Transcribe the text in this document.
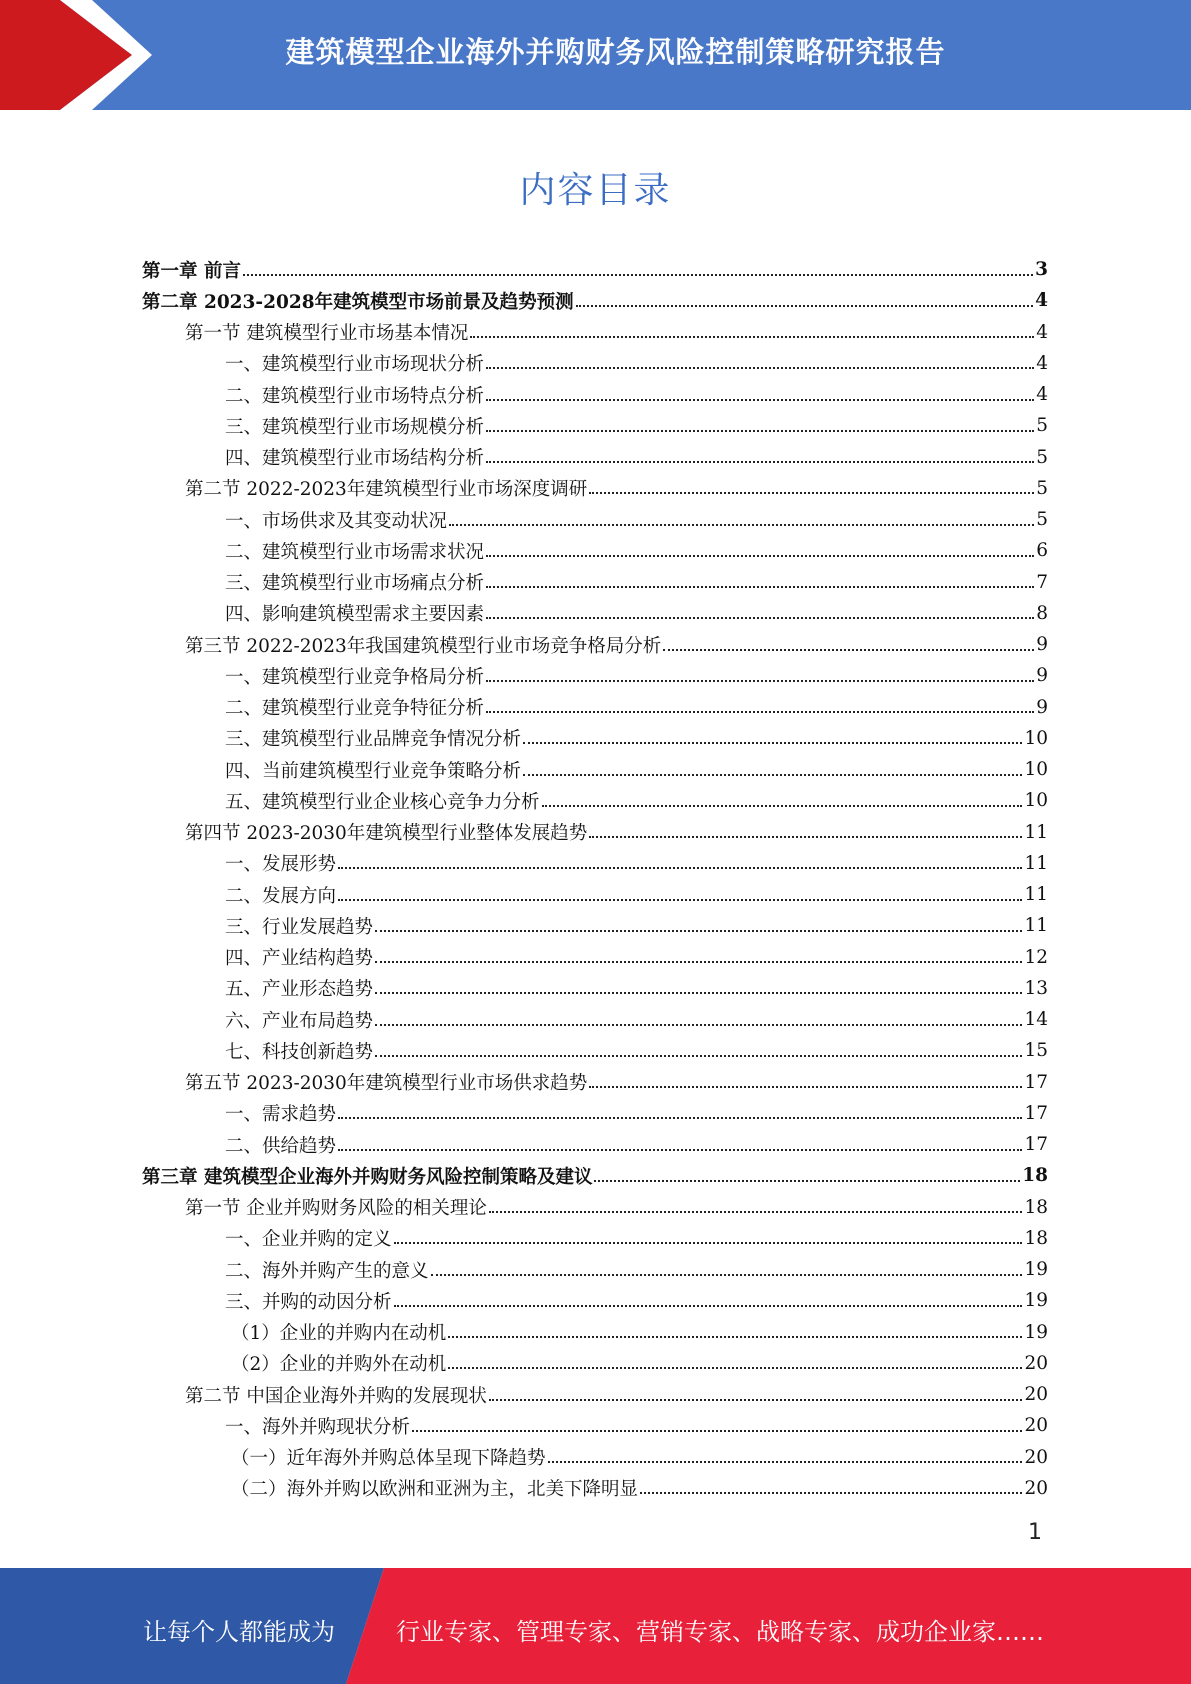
建筑模型企业海外并购财务风险控制策略研究报告
内容目录
第一章 前言	3
第二章 2023-2028年建筑模型市场前景及趋势预测	4
第一节 建筑模型行业市场基本情况	4
一、建筑模型行业市场现状分析	4
二、建筑模型行业市场特点分析	4
三、建筑模型行业市场规模分析	5
四、建筑模型行业市场结构分析	5
第二节 2022-2023年建筑模型行业市场深度调研	5
一、市场供求及其变动状况	5
二、建筑模型行业市场需求状况	6
三、建筑模型行业市场痛点分析	7
四、影响建筑模型需求主要因素	8
第三节 2022-2023年我国建筑模型行业市场竞争格局分析	9
一、建筑模型行业竞争格局分析	9
二、建筑模型行业竞争特征分析	9
三、建筑模型行业品牌竞争情况分析	10
四、当前建筑模型行业竞争策略分析	10
五、建筑模型行业企业核心竞争力分析	10
第四节 2023-2030年建筑模型行业整体发展趋势	11
一、发展形势	11
二、发展方向	11
三、行业发展趋势	11
四、产业结构趋势	12
五、产业形态趋势	13
六、产业布局趋势	14
七、科技创新趋势	15
第五节 2023-2030年建筑模型行业市场供求趋势	17
一、需求趋势	17
二、供给趋势	17
第三章 建筑模型企业海外并购财务风险控制策略及建议	18
第一节 企业并购财务风险的相关理论	18
一、企业并购的定义	18
二、海外并购产生的意义	19
三、并购的动因分析	19
（1）企业的并购内在动机	19
（2）企业的并购外在动机	20
第二节 中国企业海外并购的发展现状	20
一、海外并购现状分析	20
（一）近年海外并购总体呈现下降趋势	20
（二）海外并购以欧洲和亚洲为主，北美下降明显	20
1
让每个人都能成为	行业专家、管理专家、营销专家、战略专家、成功企业家……
